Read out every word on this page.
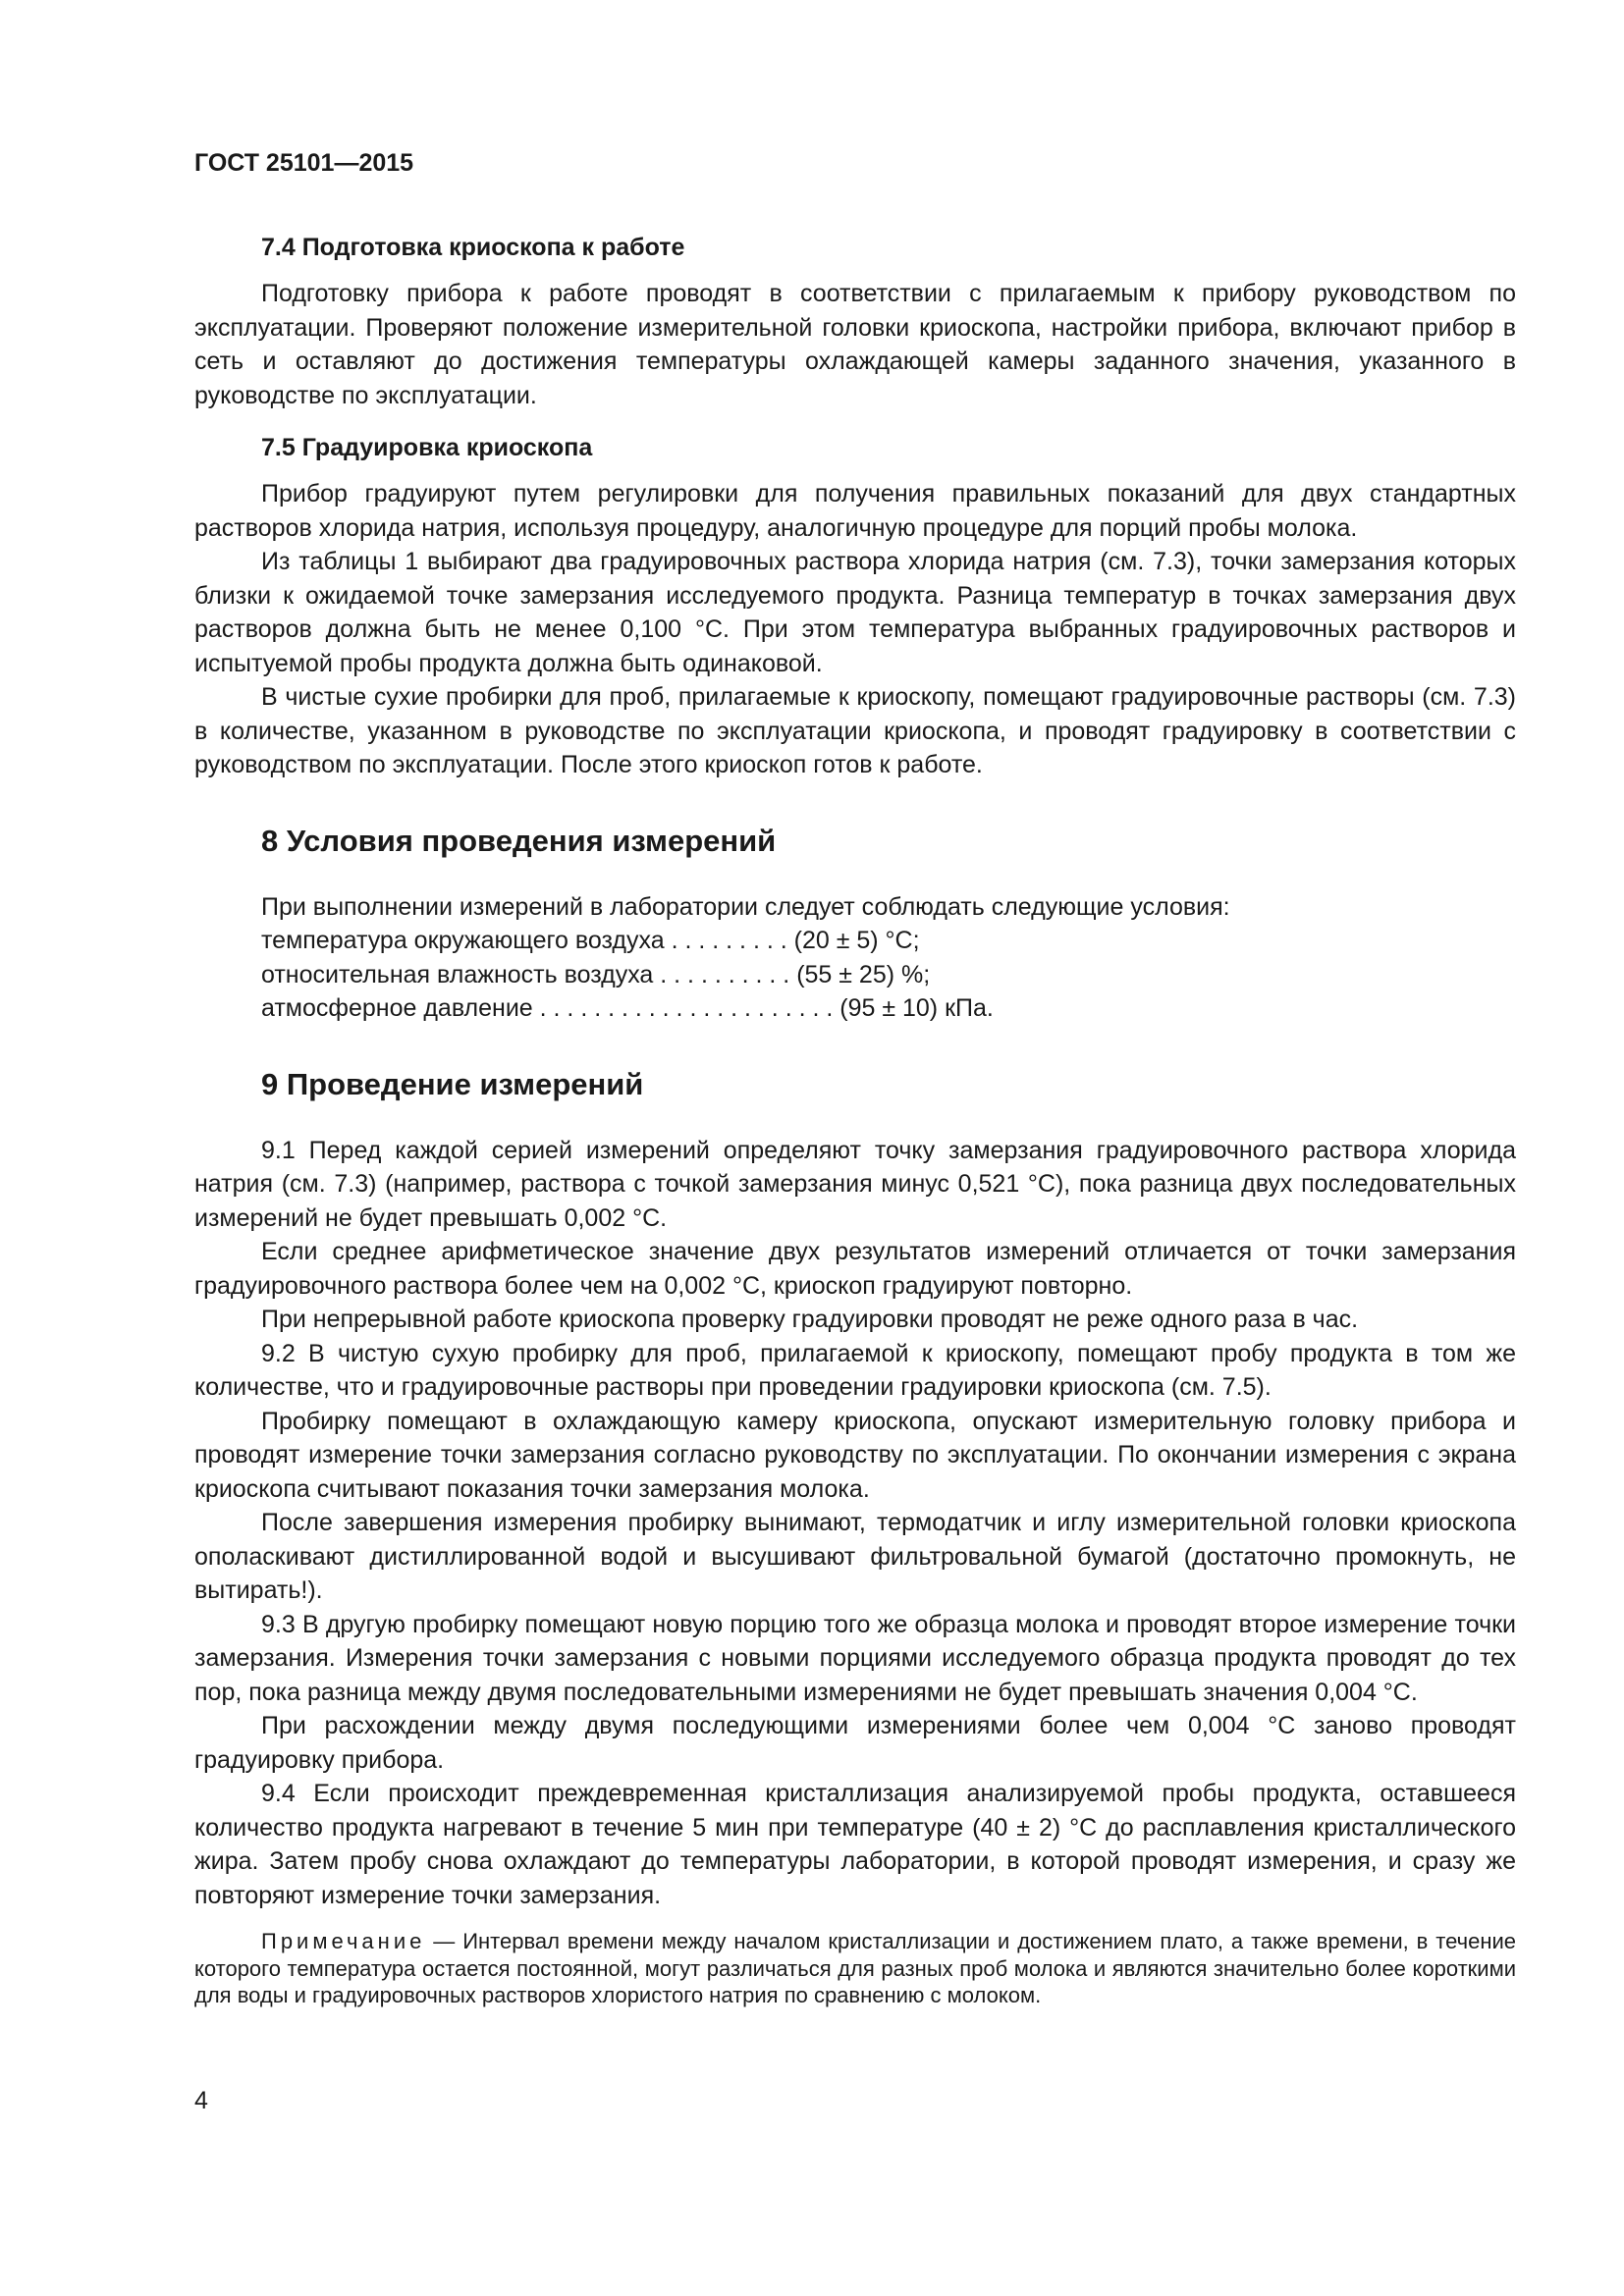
ГОСТ 25101—2015
7.4 Подготовка криоскопа к работе

Подготовку прибора к работе проводят в соответствии с прилагаемым к прибору руководством по эксплуатации. Проверяют положение измерительной головки криоскопа, настройки прибора, включают прибор в сеть и оставляют до достижения температуры охлаждающей камеры заданного значения, указанного в руководстве по эксплуатации.

7.5 Градуировка криоскопа

Прибор градуируют путем регулировки для получения правильных показаний для двух стандартных растворов хлорида натрия, используя процедуру, аналогичную процедуре для порций пробы молока.

Из таблицы 1 выбирают два градуировочных раствора хлорида натрия (см. 7.3), точки замерзания которых близки к ожидаемой точке замерзания исследуемого продукта. Разница температур в точках замерзания двух растворов должна быть не менее 0,100 °С. При этом температура выбранных градуировочных растворов и испытуемой пробы продукта должна быть одинаковой.

В чистые сухие пробирки для проб, прилагаемые к криоскопу, помещают градуировочные растворы (см. 7.3) в количестве, указанном в руководстве по эксплуатации криоскопа, и проводят градуировку в соответствии с руководством по эксплуатации. После этого криоскоп готов к работе.

8 Условия проведения измерений

При выполнении измерений в лаборатории следует соблюдать следующие условия:

температура окружающего воздуха . . . . . . . . . (20 ± 5) °С;

относительная влажность воздуха . . . . . . . . . . (55 ± 25) %;

атмосферное давление . . . . . . . . . . . . . . . . . . . . . . (95 ± 10) кПа.

9 Проведение измерений

9.1 Перед каждой серией измерений определяют точку замерзания градуировочного раствора хлорида натрия (см. 7.3) (например, раствора с точкой замерзания минус 0,521 °С), пока разница двух последовательных измерений не будет превышать 0,002 °С.

Если среднее арифметическое значение двух результатов измерений отличается от точки замерзания градуировочного раствора более чем на 0,002 °С, криоскоп градуируют повторно.

При непрерывной работе криоскопа проверку градуировки проводят не реже одного раза в час.

9.2 В чистую сухую пробирку для проб, прилагаемой к криоскопу, помещают пробу продукта в том же количестве, что и градуировочные растворы при проведении градуировки криоскопа (см. 7.5).

Пробирку помещают в охлаждающую камеру криоскопа, опускают измерительную головку прибора и проводят измерение точки замерзания согласно руководству по эксплуатации. По окончании измерения с экрана криоскопа считывают показания точки замерзания молока.

После завершения измерения пробирку вынимают, термодатчик и иглу измерительной головки криоскопа ополаскивают дистиллированной водой и высушивают фильтровальной бумагой (достаточно промокнуть, не вытирать!).

9.3 В другую пробирку помещают новую порцию того же образца молока и проводят второе измерение точки замерзания. Измерения точки замерзания с новыми порциями исследуемого образца продукта проводят до тех пор, пока разница между двумя последовательными измерениями не будет превышать значения 0,004 °С.

При расхождении между двумя последующими измерениями более чем 0,004 °С заново проводят градуировку прибора.

9.4 Если происходит преждевременная кристаллизация анализируемой пробы продукта, оставшееся количество продукта нагревают в течение 5 мин при температуре (40 ± 2) °С до расплавления кристаллического жира. Затем пробу снова охлаждают до температуры лаборатории, в которой проводят измерения, и сразу же повторяют измерение точки замерзания.

Примечание — Интервал времени между началом кристаллизации и достижением плато, а также времени, в течение которого температура остается постоянной, могут различаться для разных проб молока и являются значительно более короткими для воды и градуировочных растворов хлористого натрия по сравнению с молоком.

4
